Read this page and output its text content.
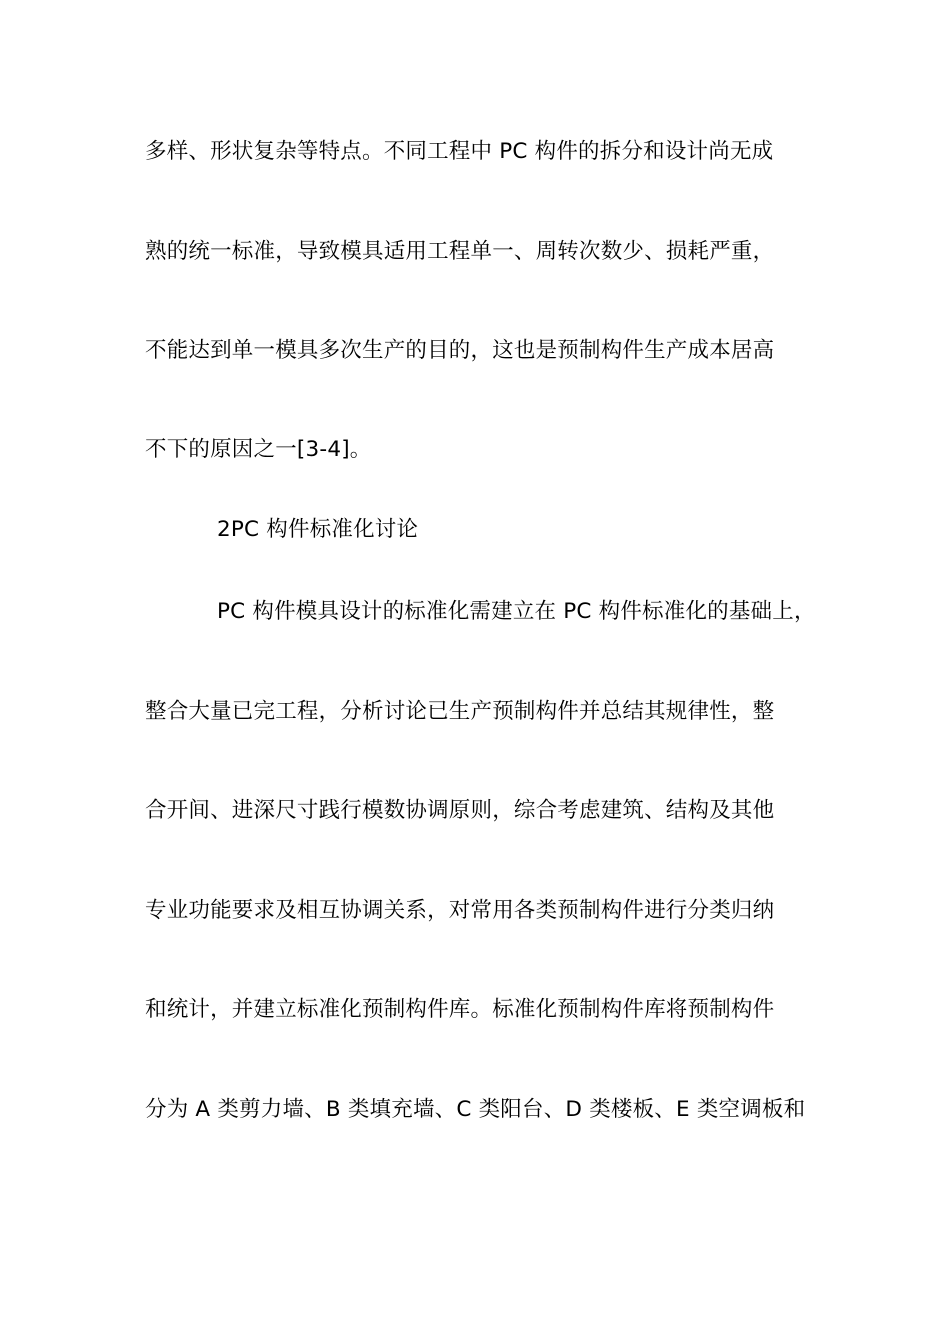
多样、形状复杂等特点。不同工程中 PC 构件的拆分和设计尚无成
熟的统一标准，导致模具适用工程单一、周转次数少、损耗严重，
不能达到单一模具多次生产的目的，这也是预制构件生产成本居高
不下的原因之一[3-4]。
2PC 构件标准化讨论
PC 构件模具设计的标准化需建立在 PC 构件标准化的基础上，
整合大量已完工程，分析讨论已生产预制构件并总结其规律性，整
合开间、进深尺寸践行模数协调原则，综合考虑建筑、结构及其他
专业功能要求及相互协调关系，对常用各类预制构件进行分类归纳
和统计，并建立标准化预制构件库。标准化预制构件库将预制构件
分为 A 类剪力墙、B 类填充墙、C 类阳台、D 类楼板、E 类空调板和
